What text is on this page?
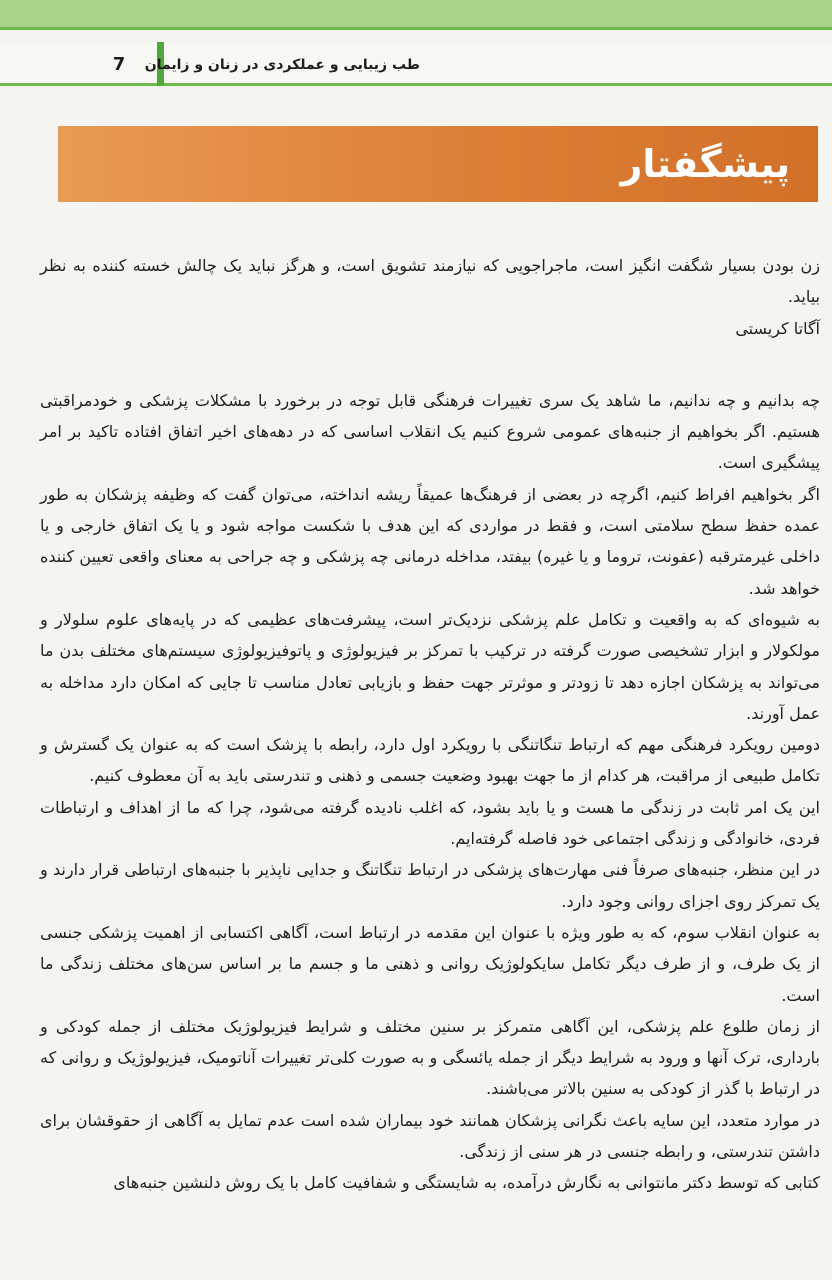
طب زیبایی و عملکردی در زنان و زایمان
7
پیشگفتار

زن بودن بسیار شگفت انگیز است، ماجراجویی که نیازمند تشویق است، و هرگز نباید یک چالش خسته کننده به نظر بیاید.

آگاتا کریستی

چه بدانیم و چه ندانیم، ما شاهد یک سری تغییرات فرهنگی قابل توجه در برخورد با مشکلات پزشکی و خودمراقبتی هستیم. اگر بخواهیم از جنبه‌های عمومی شروع کنیم یک انقلاب اساسی که در دهه‌های اخیر اتفاق افتاده تاکید بر امر پیشگیری است.

اگر بخواهیم افراط کنیم، اگرچه در بعضی از فرهنگ‌ها عمیقاً ریشه انداخته، می‌توان گفت که وظیفه پزشکان به طور عمده حفظ سطح سلامتی است، و فقط در مواردی که این هدف با شکست مواجه شود و یا یک اتفاق خارجی و یا داخلی غیرمترقبه (عفونت، تروما و یا غیره) بیفتد، مداخله درمانی چه پزشکی و چه جراحی به معنای واقعی تعیین کننده خواهد شد.

به شیوه‌ای که به واقعیت و تکامل علم پزشکی نزدیک‌تر است، پیشرفت‌های عظیمی که در پایه‌های علوم سلولار و مولکولار و ابزار تشخیصی صورت گرفته در ترکیب با تمرکز بر فیزیولوژی و پاتوفیزیولوژی سیستم‌های مختلف بدن ما می‌تواند به پزشکان اجازه دهد تا زودتر و موثرتر جهت حفظ و بازیابی تعادل مناسب تا جایی که امکان دارد مداخله به عمل آورند.

دومین رویکرد فرهنگی مهم که ارتباط تنگاتنگی با رویکرد اول دارد، رابطه با پزشک است که به عنوان یک گسترش و تکامل طبیعی از مراقبت، هر کدام از ما جهت بهبود وضعیت جسمی و ذهنی و تندرستی باید به آن معطوف کنیم.

این یک امر ثابت در زندگی ما هست و یا باید بشود، که اغلب نادیده گرفته می‌شود، چرا که ما از اهداف و ارتباطات فردی، خانوادگی و زندگی اجتماعی خود فاصله گرفته‌ایم.

در این منظر، جنبه‌های صرفاً فنی مهارت‌های پزشکی در ارتباط تنگاتنگ و جدایی ناپذیر با جنبه‌های ارتباطی قرار دارند و یک تمرکز روی اجزای روانی وجود دارد.

به عنوان انقلاب سوم، که به طور ویژه با عنوان این مقدمه در ارتباط است، آگاهی اکتسابی از اهمیت پزشکی جنسی از یک طرف، و از طرف دیگر تکامل سایکولوژیک روانی و ذهنی ما و جسم ما بر اساس سن‌های مختلف زندگی ما است.

از زمان طلوع علم پزشکی، این آگاهی متمرکز بر سنین مختلف و شرایط فیزیولوژیک مختلف از جمله کودکی و بارداری، ترک آنها و ورود به شرایط دیگر از جمله یائسگی و به صورت کلی‌تر تغییرات آناتومیک، فیزیولوژیک و روانی که در ارتباط با گذر از کودکی به سنین بالاتر می‌باشند.

در موارد متعدد، این سایه باعث نگرانی پزشکان همانند خود بیماران شده است عدم تمایل به آگاهی از حقوقشان برای داشتن تندرستی، و رابطه جنسی در هر سنی از زندگی.

کتابی که توسط دکتر مانتوانی به نگارش درآمده، به شایستگی و شفافیت کامل با یک روش دلنشین جنبه‌های
